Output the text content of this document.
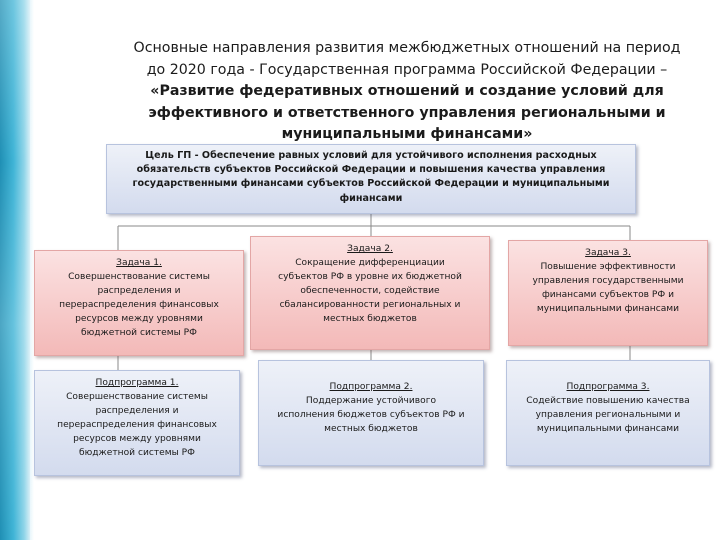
Основные направления развития межбюджетных отношений на период
до 2020 года - Государственная программа Российской Федерации –
«Развитие федеративных отношений и создание условий для
эффективного и ответственного управления региональными и
муниципальными финансами»
Цель ГП - Обеспечение равных условий для устойчивого исполнения расходных
обязательств субъектов Российской Федерации и повышения качества управления
государственными финансами субъектов Российской Федерации и муниципальными
финансами
Задача 1.
Совершенствование системы
распределения и
перераспределения финансовых
ресурсов между уровнями
бюджетной системы РФ
Задача 2.
Сокращение дифференциации
субъектов РФ в уровне их бюджетной
обеспеченности, содействие
сбалансированности региональных и
местных бюджетов
Задача 3.
Повышение эффективности
управления государственными
финансами субъектов РФ и
муниципальными финансами
Подпрограмма 1.
Совершенствование системы
распределения и
перераспределения финансовых
ресурсов между уровнями
бюджетной системы РФ
Подпрограмма 2.
Поддержание устойчивого
исполнения бюджетов субъектов РФ и
местных бюджетов
Подпрограмма 3.
Содействие повышению качества
управления региональными и
муниципальными финансами
